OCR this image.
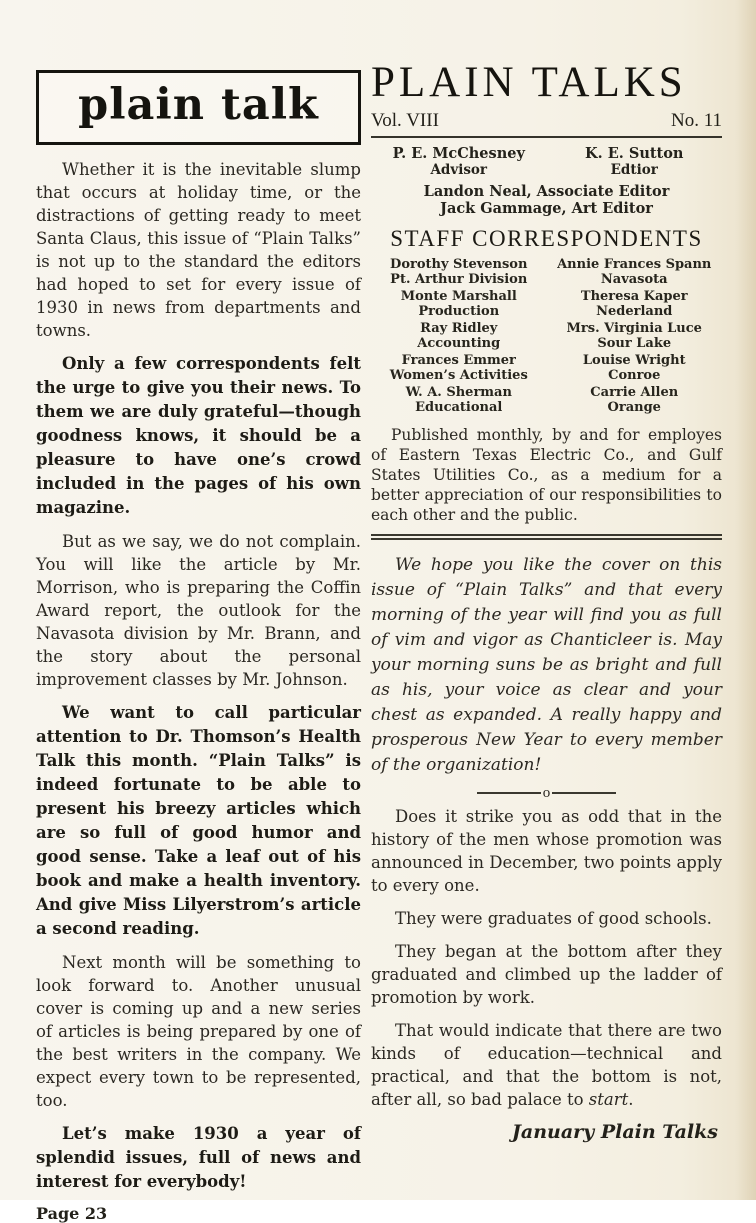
plain talk

Whether it is the inevitable slump that occurs at holiday time, or the distractions of getting ready to meet Santa Claus, this issue of “Plain Talks” is not up to the standard the editors had hoped to set for every issue of 1930 in news from departments and towns.

Only a few correspondents felt the urge to give you their news. To them we are duly grateful—though goodness knows, it should be a pleasure to have one’s crowd included in the pages of his own magazine.

But as we say, we do not complain. You will like the article by Mr. Morrison, who is preparing the Coffin Award report, the outlook for the Navasota division by Mr. Brann, and the story about the personal improvement classes by Mr. Johnson.

We want to call particular attention to Dr. Thomson’s Health Talk this month. “Plain Talks” is indeed fortunate to be able to present his breezy articles which are so full of good humor and good sense. Take a leaf out of his book and make a health inventory. And give Miss Lilyerstrom’s article a second reading.

Next month will be something to look forward to. Another unusual cover is coming up and a new series of articles is being prepared by one of the best writers in the company. We expect every town to be represented, too.

Let’s make 1930 a year of splendid issues, full of news and interest for everybody!

Page 23
PLAIN TALKS
Vol. VIII	No. 11
P. E. McChesney
Advisor
K. E. Sutton
Edtior
Landon Neal, Associate Editor
Jack Gammage, Art Editor
STAFF CORRESPONDENTS
Dorothy Stevenson
Pt. Arthur Division
Monte Marshall
Production
Ray Ridley
Accounting
Frances Emmer
Women’s Activities
W. A. Sherman
Educational
Annie Frances Spann
Navasota
Theresa Kaper
Nederland
Mrs. Virginia Luce
Sour Lake
Louise Wright
Conroe
Carrie Allen
Orange

Published monthly, by and for employes of Eastern Texas Electric Co., and Gulf States Utilities Co., as a medium for a better appreciation of our responsibilities to each other and the public.

We hope you like the cover on this issue of “Plain Talks” and that every morning of the year will find you as full of vim and vigor as Chanticleer is. May your morning suns be as bright and full as his, your voice as clear and your chest as expanded. A really happy and prosperous New Year to every member of the organization!

o

Does it strike you as odd that in the history of the men whose promotion was announced in December, two points apply to every one.

They were graduates of good schools.

They began at the bottom after they graduated and climbed up the ladder of promotion by work.

That would indicate that there are two kinds of education—technical and practical, and that the bottom is not, after all, so bad palace to start.

January Plain Talks
